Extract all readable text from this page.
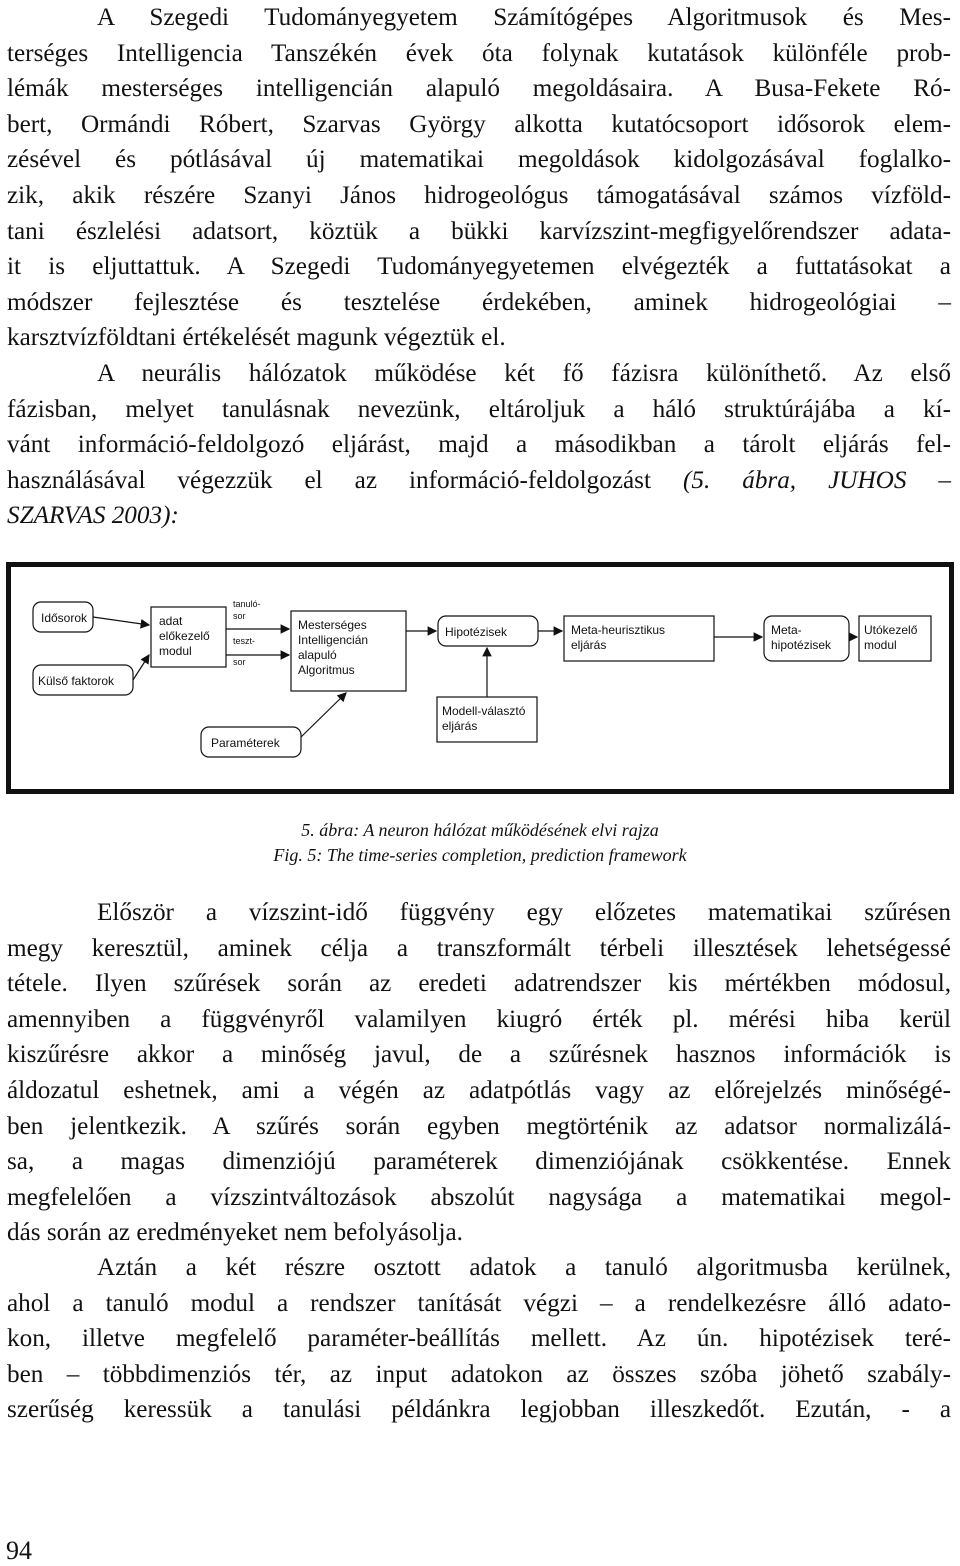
A Szegedi Tudományegyetem Számítógépes Algoritmusok és Mes-
terséges Intelligencia Tanszékén évek óta folynak kutatások különféle prob-
lémák mesterséges intelligencián alapuló megoldásaira. A Busa-Fekete Ró-
bert, Ormándi Róbert, Szarvas György alkotta kutatócsoport idősorok elem-
zésével és pótlásával új matematikai megoldások kidolgozásával foglalko-
zik, akik részére Szanyi János hidrogeológus támogatásával számos vízföld-
tani észlelési adatsort, köztük a bükki karvízszint-megfigyelőrendszer adata-
it is eljuttattuk. A Szegedi Tudományegyetemen elvégezték a futtatásokat a
módszer fejlesztése és tesztelése érdekében, aminek hidrogeológiai –
karsztvízföldtani értékelését magunk végeztük el.
A neurális hálózatok működése két fő fázisra különíthető. Az első
fázisban, melyet tanulásnak nevezünk, eltároljuk a háló struktúrájába a kí-
vánt információ-feldolgozó eljárást, majd a másodikban a tárolt eljárás fel-
használásával végezzük el az információ-feldolgozást (5. ábra, JUHOS –
SZARVAS 2003):
Idősorok
Külső faktorok
adat
előkezelő
modul
tanuló-
sor
teszt-
sor
Mesterséges
Intelligencián
alapuló
Algoritmus
Hipotézisek	Meta-heurisztikus
eljárás
Meta-
hipotézisek
Utókezelő
modul
Modell-választó
eljárás
Paraméterek
5. ábra: A neuron hálózat működésének elvi rajza
Fig. 5: The time-series completion, prediction framework
Először a vízszint-idő függvény egy előzetes matematikai szűrésen
megy keresztül, aminek célja a transzformált térbeli illesztések lehetségessé
tétele. Ilyen szűrések során az eredeti adatrendszer kis mértékben módosul,
amennyiben a függvényről valamilyen kiugró érték pl. mérési hiba kerül
kiszűrésre akkor a minőség javul, de a szűrésnek hasznos információk is
áldozatul eshetnek, ami a végén az adatpótlás vagy az előrejelzés minőségé-
ben jelentkezik. A szűrés során egyben megtörténik az adatsor normalizálá-
sa, a magas dimenziójú paraméterek dimenziójának csökkentése. Ennek
megfelelően a vízszintváltozások abszolút nagysága a matematikai megol-
dás során az eredményeket nem befolyásolja.
Aztán a két részre osztott adatok a tanuló algoritmusba kerülnek,
ahol a tanuló modul a rendszer tanítását végzi – a rendelkezésre álló adato-
kon, illetve megfelelő paraméter-beállítás mellett. Az ún. hipotézisek teré-
ben – többdimenziós tér, az input adatokon az összes szóba jöhető szabály-
szerűség keressük a tanulási példánkra legjobban illeszkedőt. Ezután, - a
94
